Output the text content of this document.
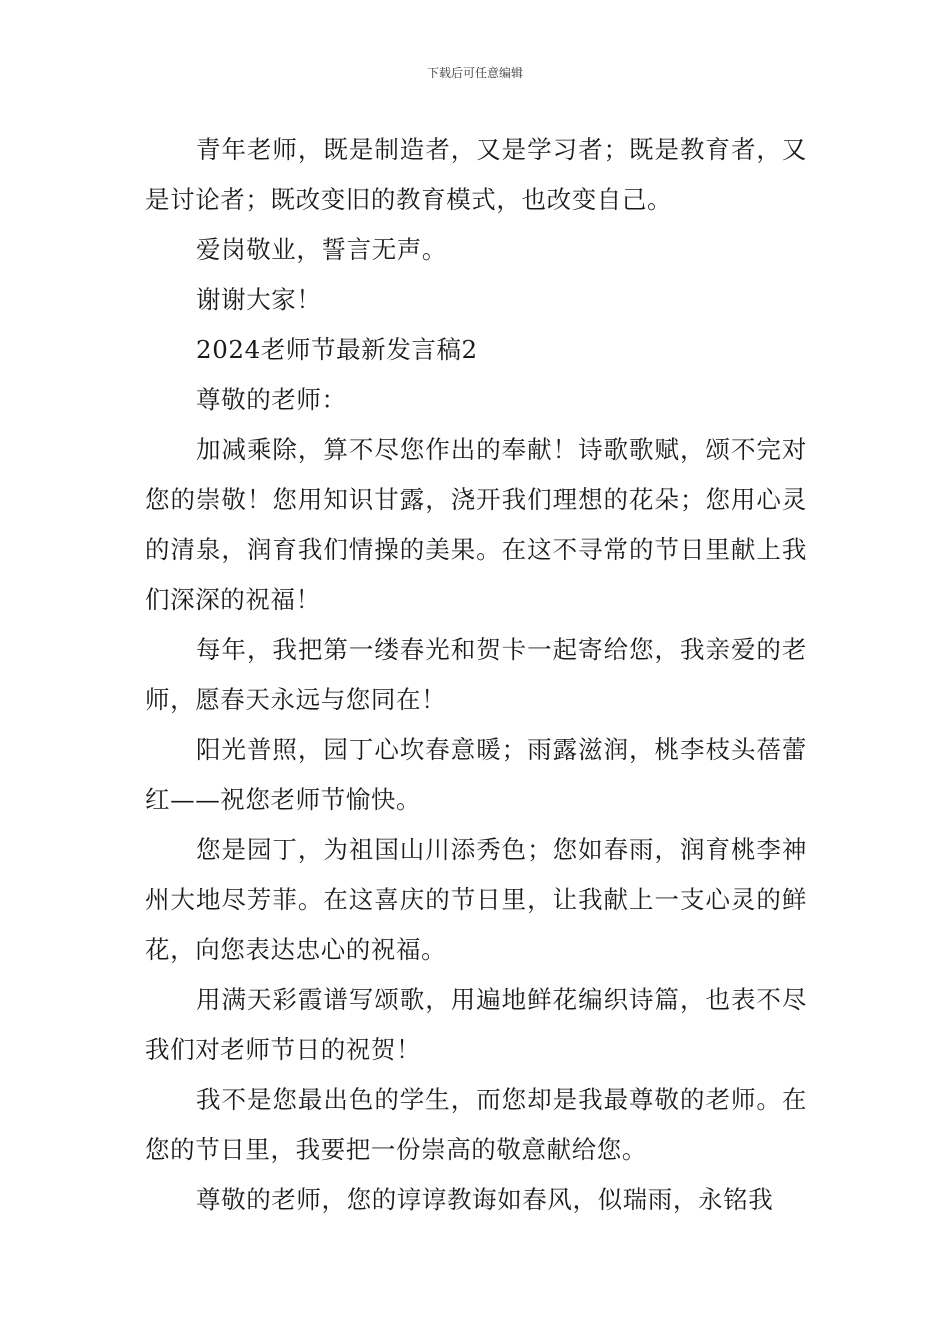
下载后可任意编辑

青年老师，既是制造者，又是学习者；既是教育者，又是讨论者；既改变旧的教育模式，也改变自己。

爱岗敬业，誓言无声。

谢谢大家！

2024老师节最新发言稿2

尊敬的老师：

加减乘除，算不尽您作出的奉献！诗歌歌赋，颂不完对您的崇敬！您用知识甘露，浇开我们理想的花朵；您用心灵的清泉，润育我们情操的美果。在这不寻常的节日里献上我们深深的祝福！

每年，我把第一缕春光和贺卡一起寄给您，我亲爱的老师，愿春天永远与您同在！

阳光普照，园丁心坎春意暖；雨露滋润，桃李枝头蓓蕾红——祝您老师节愉快。

您是园丁，为祖国山川添秀色；您如春雨，润育桃李神州大地尽芳菲。在这喜庆的节日里，让我献上一支心灵的鲜花，向您表达忠心的祝福。

用满天彩霞谱写颂歌，用遍地鲜花编织诗篇，也表不尽我们对老师节日的祝贺！

我不是您最出色的学生，而您却是我最尊敬的老师。在您的节日里，我要把一份崇高的敬意献给您。

尊敬的老师，您的谆谆教诲如春风，似瑞雨，永铭我
